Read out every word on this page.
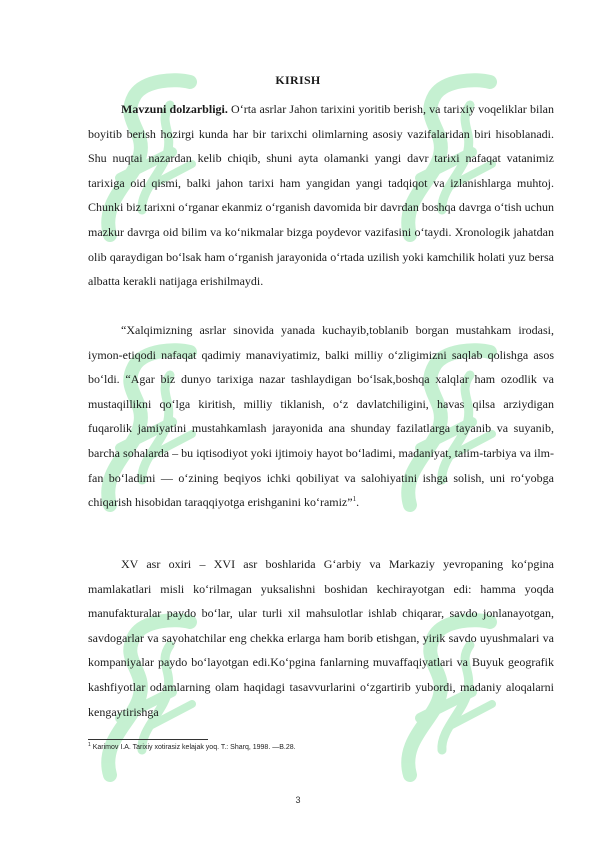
KIRISH

Mavzuni dolzarbligi. O‘rta asrlar Jahon tarixini yoritib berish, va tarixiy voqeliklar bilan boyitib berish hozirgi kunda har bir tarixchi olimlarning asosiy vazifalaridan biri hisoblanadi. Shu nuqtai nazardan kelib chiqib, shuni ayta olamanki yangi davr tarixi nafaqat vatanimiz tarixiga oid qismi, balki jahon tarixi ham yangidan yangi tadqiqot va izlanishlarga muhtoj. Chunki biz tarixni o‘rganar ekanmiz o‘rganish davomida bir davrdan boshqa davrga o‘tish uchun mazkur davrga oid bilim va ko‘nikmalar bizga poydevor vazifasini o‘taydi. Xronologik jahatdan olib qaraydigan bo‘lsak ham o‘rganish jarayonida o‘rtada uzilish yoki kamchilik holati yuz bersa albatta kerakli natijaga erishilmaydi.

“Xalqimizning asrlar sinovida yanada kuchayib,toblanib borgan mustahkam irodasi, iymon-etiqodi nafaqat qadimiy manaviyatimiz, balki milliy o‘zligimizni saqlab qolishga asos bo‘ldi. “Agar biz dunyo tarixiga nazar tashlaydigan bo‘lsak,boshqa xalqlar ham ozodlik va mustaqillikni qo‘lga kiritish, milliy tiklanish, o‘z davlatchiligini, havas qilsa arziydigan fuqarolik jamiyatini mustahkamlash jarayonida ana shunday fazilatlarga tayanib va suyanib, barcha sohalarda – bu iqtisodiyot yoki ijtimoiy hayot bo‘ladimi, madaniyat, talim-tarbiya va ilm-fan bo‘ladimi — o‘zining beqiyos ichki qobiliyat va salohiyatini ishga solish, uni ro‘yobga chiqarish hisobidan taraqqiyotga erishganini ko‘ramiz”$^1$.

XV asr oxiri – XVI asr boshlarida G‘arbiy va Markaziy yevropaning ko‘pgina mamlakatlari misli ko‘rilmagan yuksalishni boshidan kechirayotgan edi: hamma yoqda manufakturalar paydo bo‘lar, ular turli xil mahsulotlar ishlab chiqarar, savdo jonlanayotgan, savdogarlar va sayohatchilar eng chekka erlarga ham borib etishgan, yirik savdo uyushmalari va kompaniyalar paydo bo‘layotgan edi.Ko‘pgina fanlarning muvaffaqiyatlari va Buyuk geografik kashfiyotlar odamlarning olam haqidagi tasavvurlarini o‘zgartirib yubordi, madaniy aloqalarni kengaytirishga

$^1$ Karimov I.A. Tarixiy xotirasiz kelajak yoq. T.: Sharq, 1998. —B.28.
3
